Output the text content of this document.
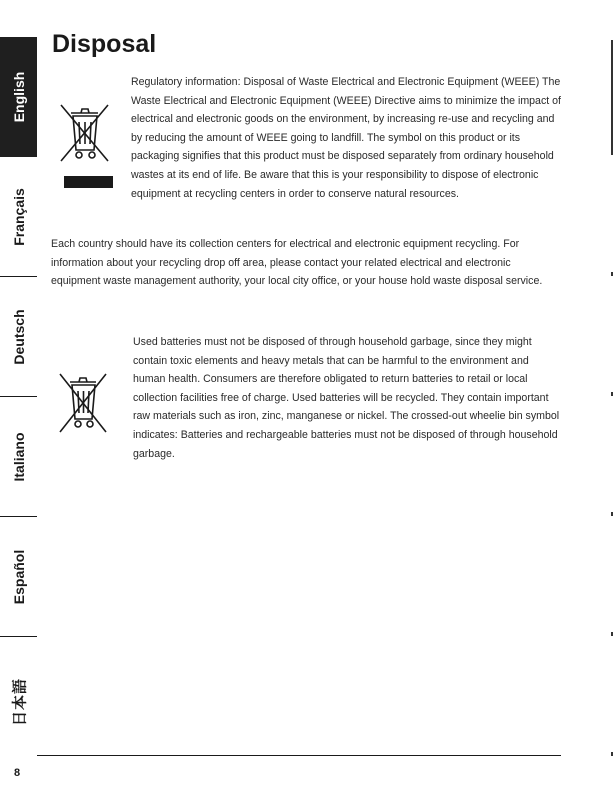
English
Français
Deutsch
Italiano
Español
日本語
Disposal

Regulatory information: Disposal of Waste Electrical and Electronic Equipment (WEEE) The Waste Electrical and Electronic Equipment (WEEE) Directive aims to minimize the impact of electrical and electronic goods on the environment, by increasing re-use and recycling and by reducing the amount of WEEE going to landfill. The symbol on this product or its packaging signifies that this product must be disposed separately from ordinary household wastes at its end of life. Be aware that this is your responsibility to dispose of electronic equipment at recycling centers in order to conserve natural resources.

Each country should have its collection centers for electrical and electronic equipment recycling. For information about your recycling drop off area, please contact your related electrical and electronic equipment waste management authority, your local city office, or your house hold waste disposal service.

Used batteries must not be disposed of through household garbage, since they might contain toxic elements and heavy metals that can be harmful to the environment and human health. Consumers are therefore obligated to return batteries to retail or local collection facilities free of charge. Used batteries will be recycled. They contain important raw materials such as iron, zinc, manganese or nickel. The crossed-out wheelie bin symbol indicates: Batteries and rechargeable batteries must not be disposed of through household garbage.

8
